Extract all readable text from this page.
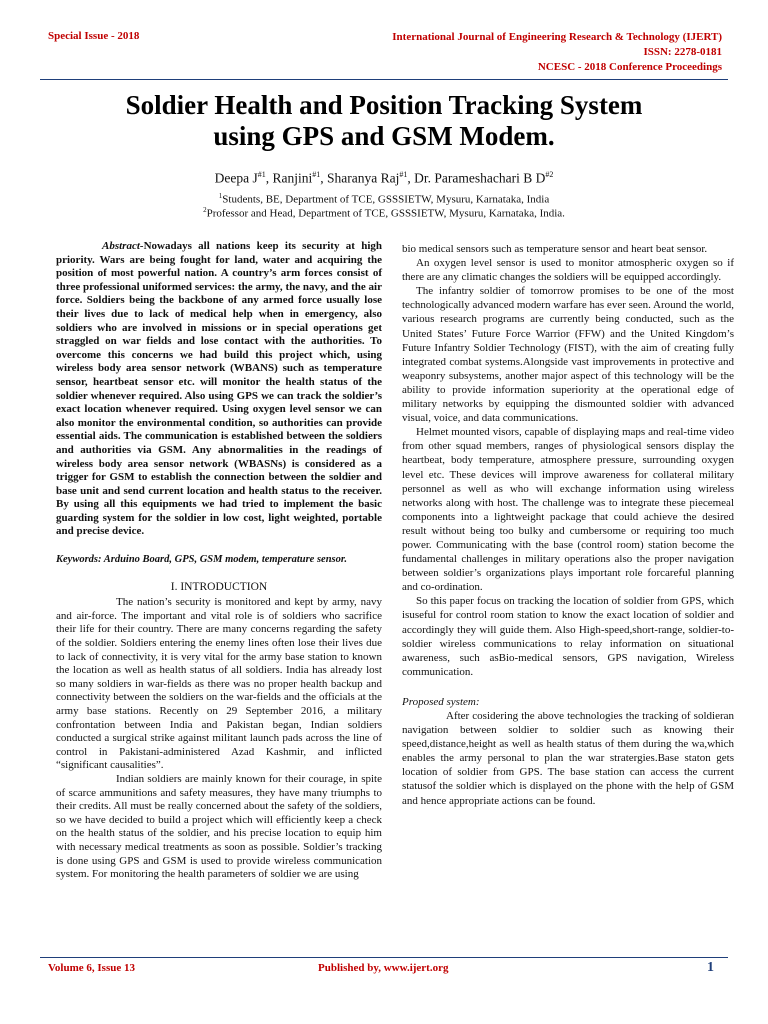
Special Issue - 2018	International Journal of Engineering Research & Technology (IJERT)
ISSN: 2278-0181
NCESC - 2018 Conference Proceedings
Soldier Health and Position Tracking System
using GPS and GSM Modem.
Deepa $J^{\#1}$, Ranjini$^{\#1}$, Sharanya Raj$^{\#1}$, Dr. Parameshachari B $D^{\#2}$
$^1$Students, BE, Department of TCE, GSSSIETW, Mysuru, Karnataka, India
$^2$Professor and Head, Department of TCE, GSSSIETW, Mysuru, Karnataka, India.

Abstract-Nowadays all nations keep its security at high priority. Wars are being fought for land, water and acquiring the position of most powerful nation. A country’s arm forces consist of three professional uniformed services: the army, the navy, and the air force. Soldiers being the backbone of any armed force usually lose their lives due to lack of medical help when in emergency, also soldiers who are involved in missions or in special operations get straggled on war fields and lose contact with the authorities. To overcome this concerns we had build this project which, using wireless body area sensor network (WBANS) such as temperature sensor, heartbeat sensor etc. will monitor the health status of the soldier whenever required. Also using GPS we can track the soldier’s exact location whenever required. Using oxygen level sensor we can also monitor the environmental condition, so authorities can provide essential aids. The communication is established between the soldiers and authorities via GSM. Any abnormalities in the readings of wireless body area sensor network (WBASNs) is considered as a trigger for GSM to establish the connection between the soldier and base unit and send current location and health status to the receiver. By using all this equipments we had tried to implement the basic guarding system for the soldier in low cost, light weighted, portable and precise device.

Keywords: Arduino Board, GPS, GSM modem, temperature sensor.

I. INTRODUCTION

The nation’s security is monitored and kept by army, navy and air-force. The important and vital role is of soldiers who sacrifice their life for their country. There are many concerns regarding the safety of the soldier. Soldiers entering the enemy lines often lose their lives due to lack of connectivity, it is very vital for the army base station to known the location as well as health status of all soldiers. India has already lost so many soldiers in war-fields as there was no proper health backup and connectivity between the soldiers on the war-fields and the officials at the army base stations. Recently on 29 September 2016, a military confrontation between India and Pakistan began, Indian soldiers conducted a surgical strike against militant launch pads across the line of control in Pakistani-administered Azad Kashmir, and inflicted “significant causalities”.

Indian soldiers are mainly known for their courage, in spite of scarce ammunitions and safety measures, they have many triumphs to their credits. All must be really concerned about the safety of the soldiers, so we have decided to build a project which will efficiently keep a check on the health status of the soldier, and his precise location to equip him with necessary medical treatments as soon as possible. Soldier’s tracking is done using GPS and GSM is used to provide wireless communication system. For monitoring the health parameters of soldier we are using

bio medical sensors such as temperature sensor and heart beat sensor.

An oxygen level sensor is used to monitor atmospheric oxygen so if there are any climatic changes the soldiers will be equipped accordingly.

The infantry soldier of tomorrow promises to be one of the most technologically advanced modern warfare has ever seen. Around the world, various research programs are currently being conducted, such as the United States’ Future Force Warrior (FFW) and the United Kingdom’s Future Infantry Soldier Technology (FIST), with the aim of creating fully integrated combat systems.Alongside vast improvements in protective and weaponry subsystems, another major aspect of this technology will be the ability to provide information superiority at the operational edge of military networks by equipping the dismounted soldier with advanced visual, voice, and data communications.

Helmet mounted visors, capable of displaying maps and real-time video from other squad members, ranges of physiological sensors display the heartbeat, body temperature, atmosphere pressure, surrounding oxygen level etc. These devices will improve awareness for collateral military personnel as well as who will exchange information using wireless networks along with host. The challenge was to integrate these piecemeal components into a lightweight package that could achieve the desired result without being too bulky and cumbersome or requiring too much power. Communicating with the base (control room) station become the fundamental challenges in military operations also the proper navigation between soldier’s organizations plays important role forcareful planning and co-ordination.

So this paper focus on tracking the location of soldier from GPS, which isuseful for control room station to know the exact location of soldier and accordingly they will guide them. Also High-speed,short-range, soldier-to-soldier wireless communications to relay information on situational awareness, such asBio-medical sensors, GPS navigation, Wireless communication.

Proposed system:

After cosidering the above technologies the tracking of soldieran navigation between soldier to soldier such as knowing their speed,distance,height as well as health status of them during the wa,which enables the army personal to plan the war stratergies.Base staton gets location of soldier from GPS. The base station can access the current statusof the soldier which is displayed on the phone with the help of GSM and hence appropriate actions can be found.

Volume 6, Issue 13	Published by, www.ijert.org	1
